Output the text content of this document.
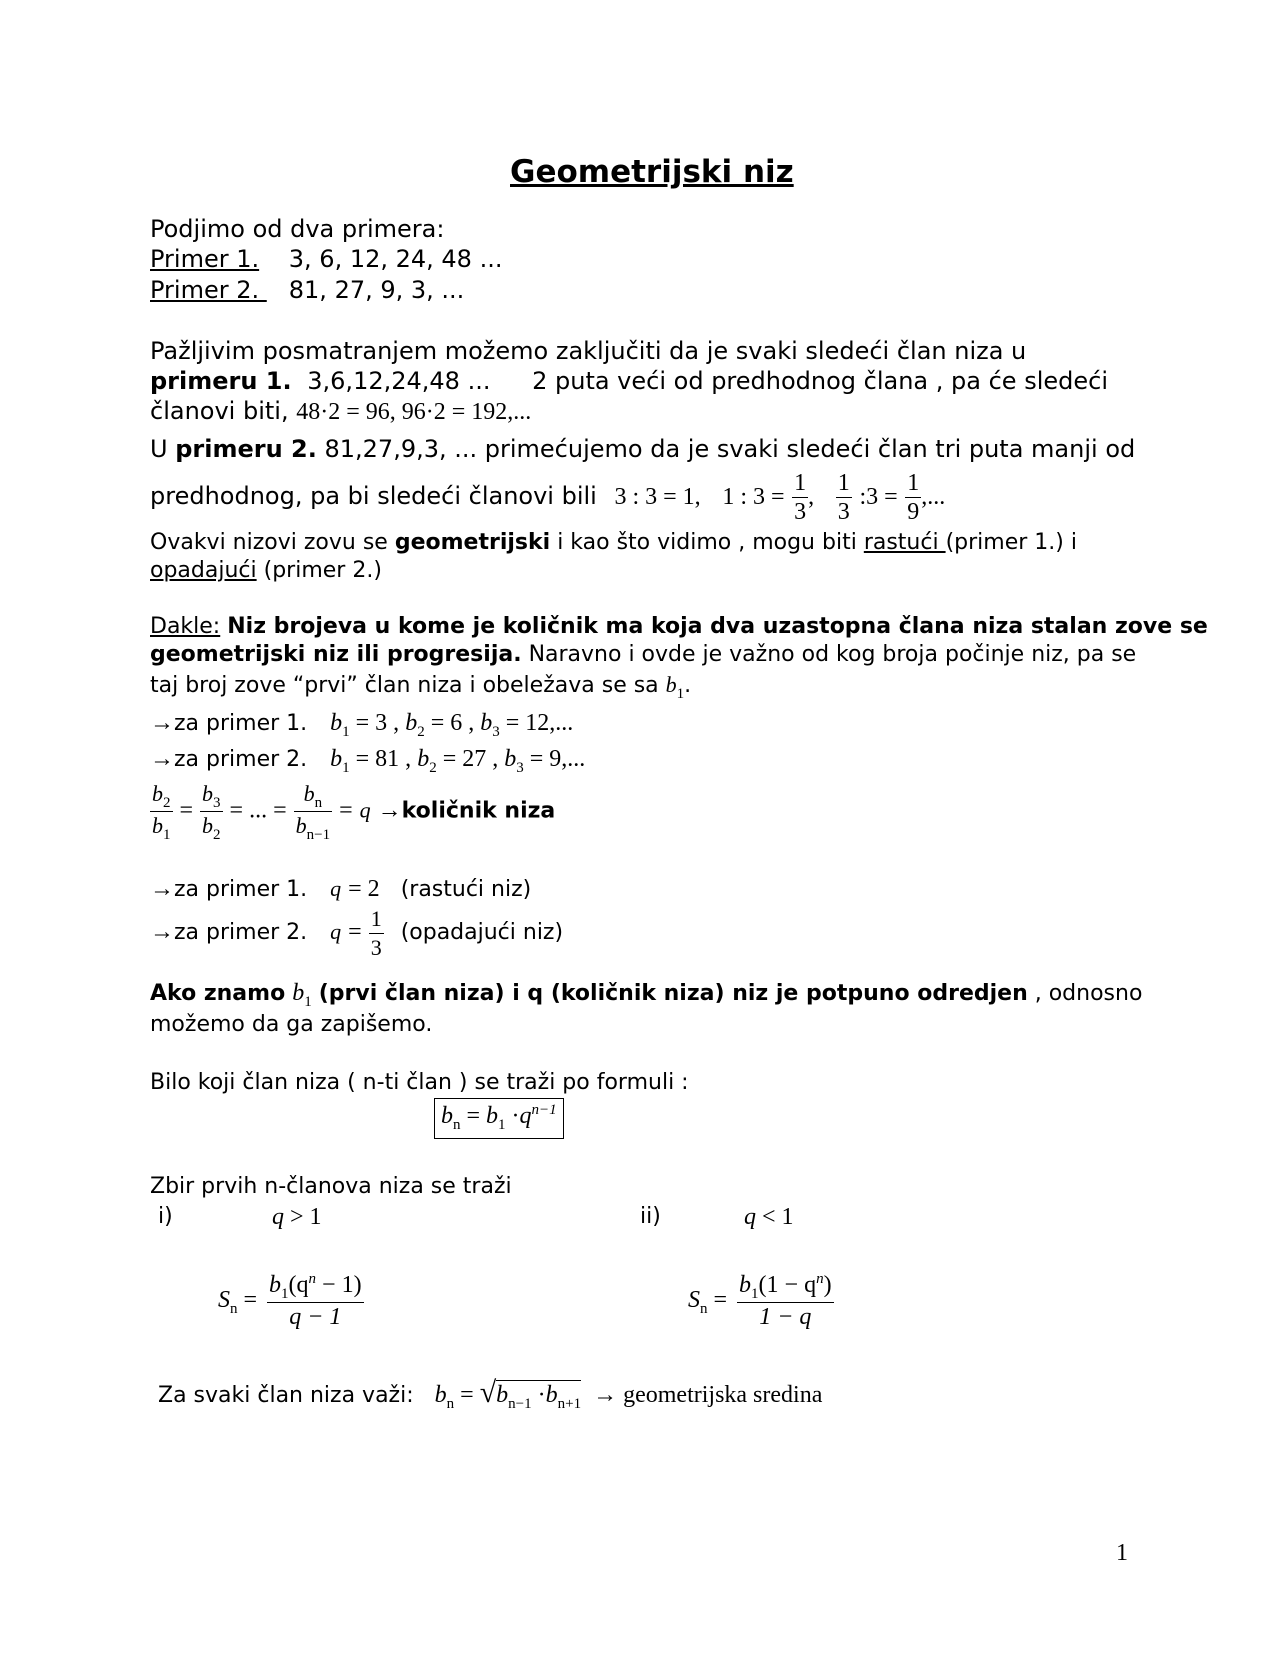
Geometrijski niz
Podjimo od dva primera:
Primer 1. 3, 6, 12, 24, 48 ...
Primer 2. 81, 27, 9, 3, ...
Pažljivim posmatranjem možemo zaključiti da je svaki sledeći član niza u
primeru 1. 3,6,12,24,48 ... 2 puta veći od predhodnog člana , pa će sledeći
članovi biti, 48·2 = 96, 96·2 = 192,...
U primeru 2. 81,27,9,3, ... primećujemo da je svaki sledeći član tri puta manji od
predhodnog, pa bi sledeći članovi bili 3 : 3 = 1, 1 : $3 = \frac{1}{3}$ , $\frac{1}{3}$ :3 = $\frac{1}{9}$ ,...
Ovakvi nizovi zovu se geometrijski i kao što vidimo , mogu biti rastući (primer 1.) i
opadajući (primer 2.)
Dakle: Niz brojeva u kome je količnik ma koja dva uzastopna člana niza stalan zove se
geometrijski niz ili progresija. Naravno i ovde je važno od kog broja počinje niz, pa se
taj broj zove “prvi” član niza i obeležava se sa $b_1$.
→za primer 1. $b_1 = 3$ , $b_2 = 6$ , $b_3 = 12$,...
→za primer 2. $b_1 = 81$ , $b_2 = 27$ , $b_3 = 9$,...
$\frac{b_2}{b_1} = \frac{b_3}{b_2}$ = ... = $\frac{b_n}{b_{n-1}} = q$ →količnik niza
→za primer 1. q = 2 (rastući niz)
→za primer 2. $q = \frac{1}{3}$ (opadajući niz)
Ako znamo $b_1$ (prvi član niza) i q (količnik niza) niz je potpuno odredjen , odnosno
možemo da ga zapišemo.
Bilo koji član niza ( n-ti član ) se traži po formuli :
$b_n = b_1 \cdot q^{n-1}$
Zbir prvih n-članova niza se traži
i)	q > 1	ii)	q < 1
$S_n = \frac{b_1(q^n - 1)}{q - 1}$	$S_n = \frac{b_1(1 - q^n)}{1 - q}$
Za svaki član niza važi: $b_n = √b_{n-1} \cdot b_{n+1}$ → geometrijska sredina
1
